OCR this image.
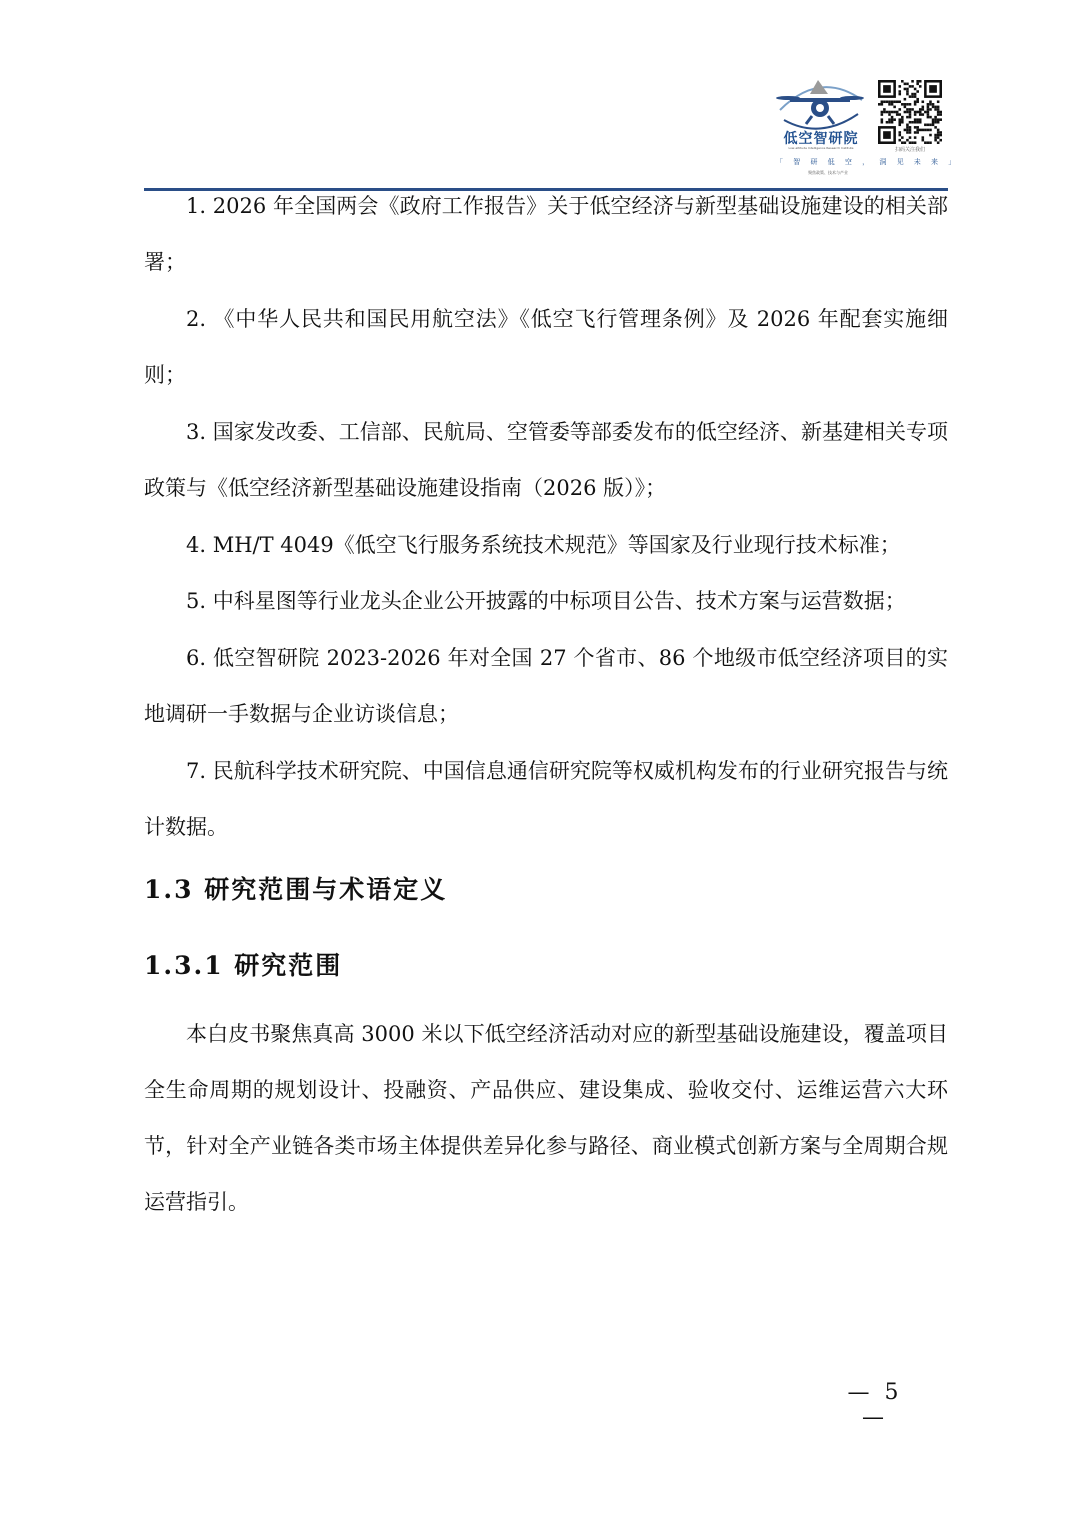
低空智研院
Low-altitude Intelligence Research Institute
「 智 研 低 空 ， 洞 见 未 来 」
聚焦政策、技术与产业
扫码关注我们

1. 2026 年全国两会《政府工作报告》关于低空经济与新型基础设施建设的相关部署；

2. 《中华人民共和国民用航空法》《低空飞行管理条例》及 2026 年配套实施细则；

3. 国家发改委、工信部、民航局、空管委等部委发布的低空经济、新基建相关专项政策与《低空经济新型基础设施建设指南（2026 版）》；

4. MH/T 4049《低空飞行服务系统技术规范》等国家及行业现行技术标准；

5. 中科星图等行业龙头企业公开披露的中标项目公告、技术方案与运营数据；

6. 低空智研院 2023-2026 年对全国 27 个省市、86 个地级市低空经济项目的实地调研一手数据与企业访谈信息；

7. 民航科学技术研究院、中国信息通信研究院等权威机构发布的行业研究报告与统计数据。

1.3 研究范围与术语定义
1.3.1 研究范围

本白皮书聚焦真高 3000 米以下低空经济活动对应的新型基础设施建设，覆盖项目全生命周期的规划设计、投融资、产品供应、建设集成、验收交付、运维运营六大环节，针对全产业链各类市场主体提供差异化参与路径、商业模式创新方案与全周期合规运营指引。

— 5 —
